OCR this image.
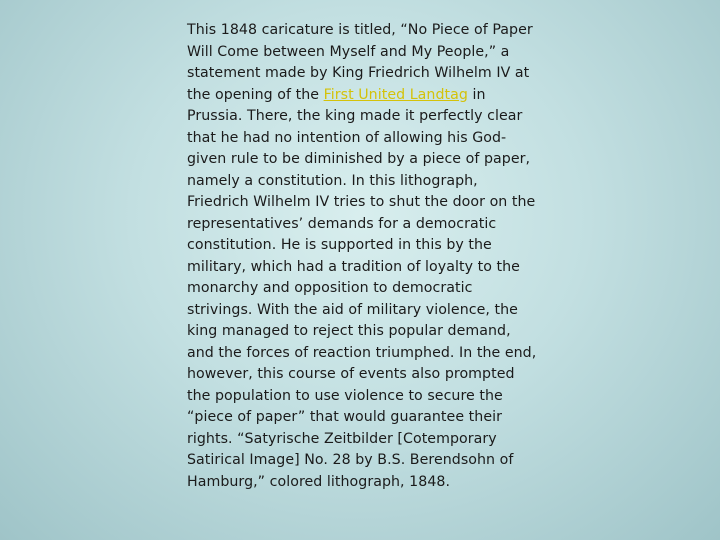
This 1848 caricature is titled, “No Piece of Paper Will Come between Myself and My People,” a statement made by King Friedrich Wilhelm IV at the opening of the First United Landtag in Prussia. There, the king made it perfectly clear that he had no intention of allowing his God-given rule to be diminished by a piece of paper, namely a constitution. In this lithograph, Friedrich Wilhelm IV tries to shut the door on the representatives’ demands for a democratic constitution. He is supported in this by the military, which had a tradition of loyalty to the monarchy and opposition to democratic strivings. With the aid of military violence, the king managed to reject this popular demand, and the forces of reaction triumphed. In the end, however, this course of events also prompted the population to use violence to secure the “piece of paper” that would guarantee their rights. “Satyrische Zeitbilder [Cotemporary Satirical Image] No. 28 by B.S. Berendsohn of Hamburg,” colored lithograph, 1848.
